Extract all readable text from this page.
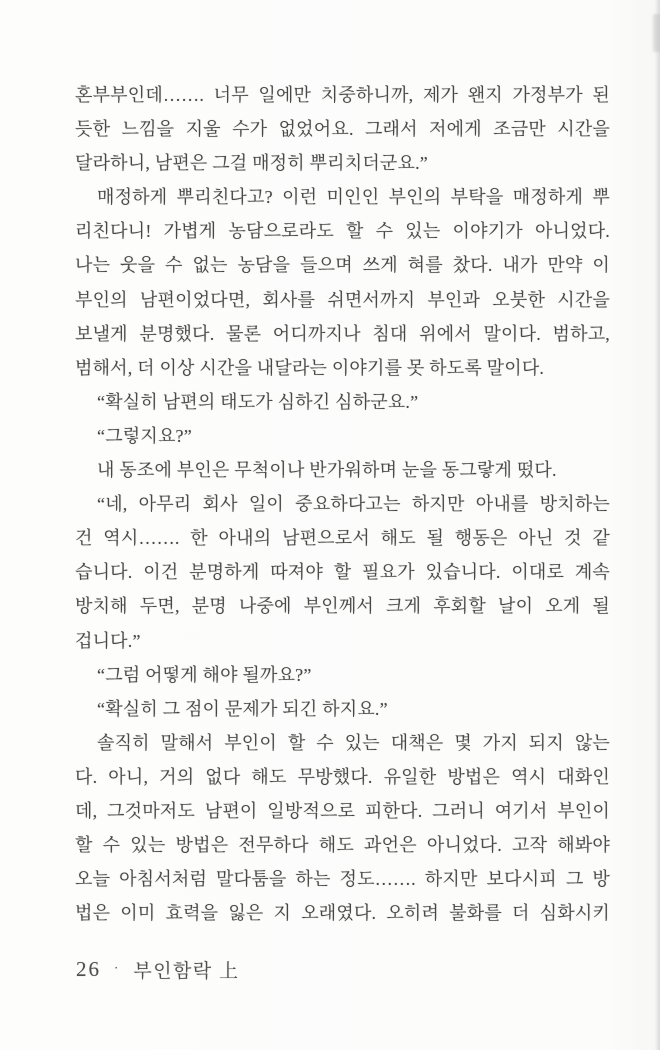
혼부부인데……. 너무 일에만 치중하니까, 제가 왠지 가정부가 된
듯한 느낌을 지울 수가 없었어요. 그래서 저에게 조금만 시간을
달라하니, 남편은 그걸 매정히 뿌리치더군요.”
매정하게 뿌리친다고? 이런 미인인 부인의 부탁을 매정하게 뿌
리친다니! 가볍게 농담으로라도 할 수 있는 이야기가 아니었다.
나는 웃을 수 없는 농담을 들으며 쓰게 혀를 찼다. 내가 만약 이
부인의 남편이었다면, 회사를 쉬면서까지 부인과 오붓한 시간을
보낼게 분명했다. 물론 어디까지나 침대 위에서 말이다. 범하고,
범해서, 더 이상 시간을 내달라는 이야기를 못 하도록 말이다.
“확실히 남편의 태도가 심하긴 심하군요.”
“그렇지요?”
내 동조에 부인은 무척이나 반가워하며 눈을 동그랗게 떴다.
“네, 아무리 회사 일이 중요하다고는 하지만 아내를 방치하는
건 역시……. 한 아내의 남편으로서 해도 될 행동은 아닌 것 같
습니다. 이건 분명하게 따져야 할 필요가 있습니다. 이대로 계속
방치해 두면, 분명 나중에 부인께서 크게 후회할 날이 오게 될
겁니다.”
“그럼 어떻게 해야 될까요?”
“확실히 그 점이 문제가 되긴 하지요.”
솔직히 말해서 부인이 할 수 있는 대책은 몇 가지 되지 않는
다. 아니, 거의 없다 해도 무방했다. 유일한 방법은 역시 대화인
데, 그것마저도 남편이 일방적으로 피한다. 그러니 여기서 부인이
할 수 있는 방법은 전무하다 해도 과언은 아니었다. 고작 해봐야
오늘 아침서처럼 말다툼을 하는 정도……. 하지만 보다시피 그 방
법은 이미 효력을 잃은 지 오래였다. 오히려 불화를 더 심화시키
26 · 부인함락 上
